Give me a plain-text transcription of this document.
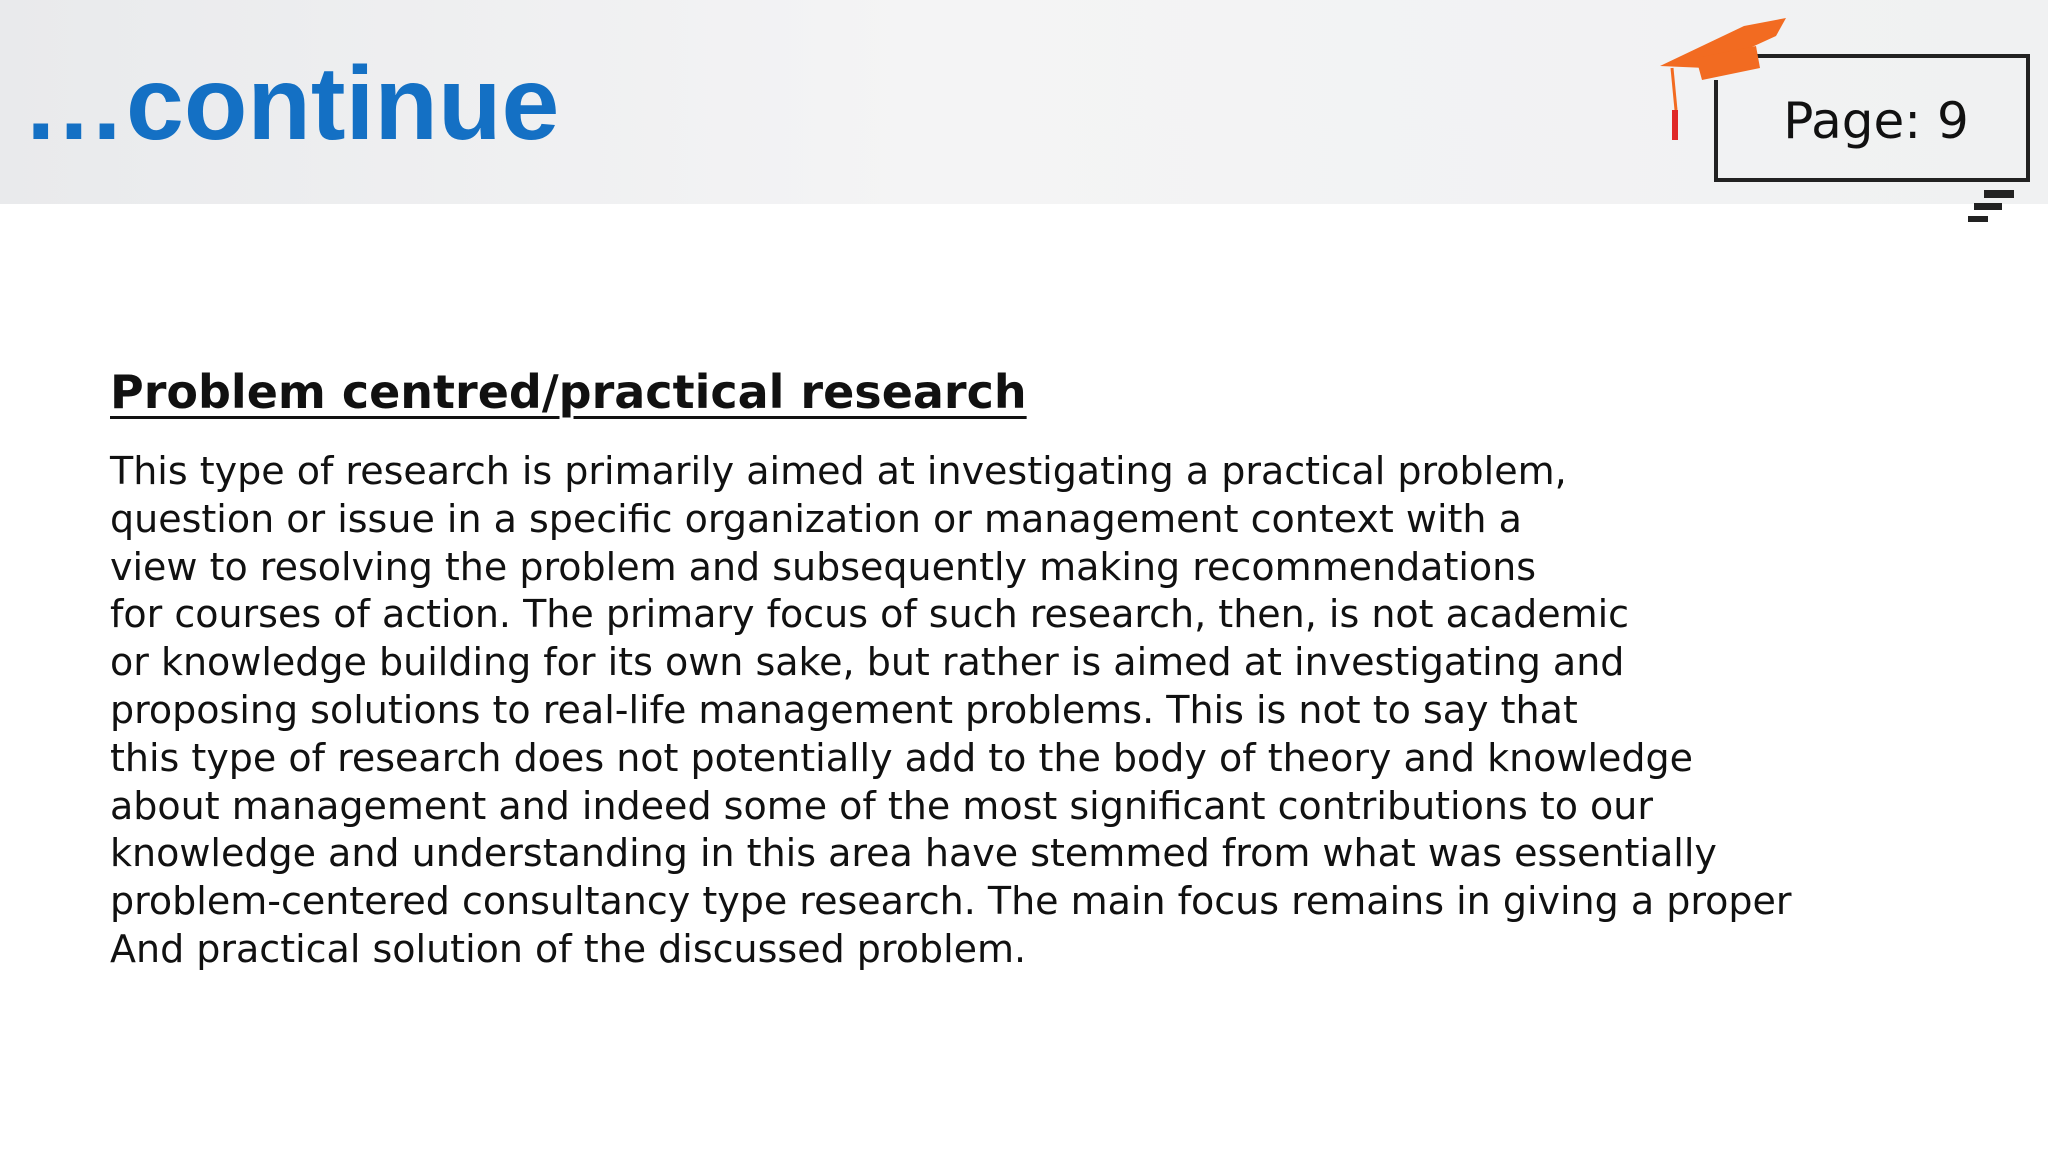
…continue	Page: 9
Problem centred/practical research
This type of research is primarily aimed at investigating a practical problem,
question or issue in a specific organization or management context with a
view to resolving the problem and subsequently making recommendations
for courses of action. The primary focus of such research, then, is not academic
or knowledge building for its own sake, but rather is aimed at investigating and
proposing solutions to real-life management problems. This is not to say that
this type of research does not potentially add to the body of theory and knowledge
about management and indeed some of the most significant contributions to our
knowledge and understanding in this area have stemmed from what was essentially
problem-centered consultancy type research. The main focus remains in giving a proper
And practical solution of the discussed problem.
